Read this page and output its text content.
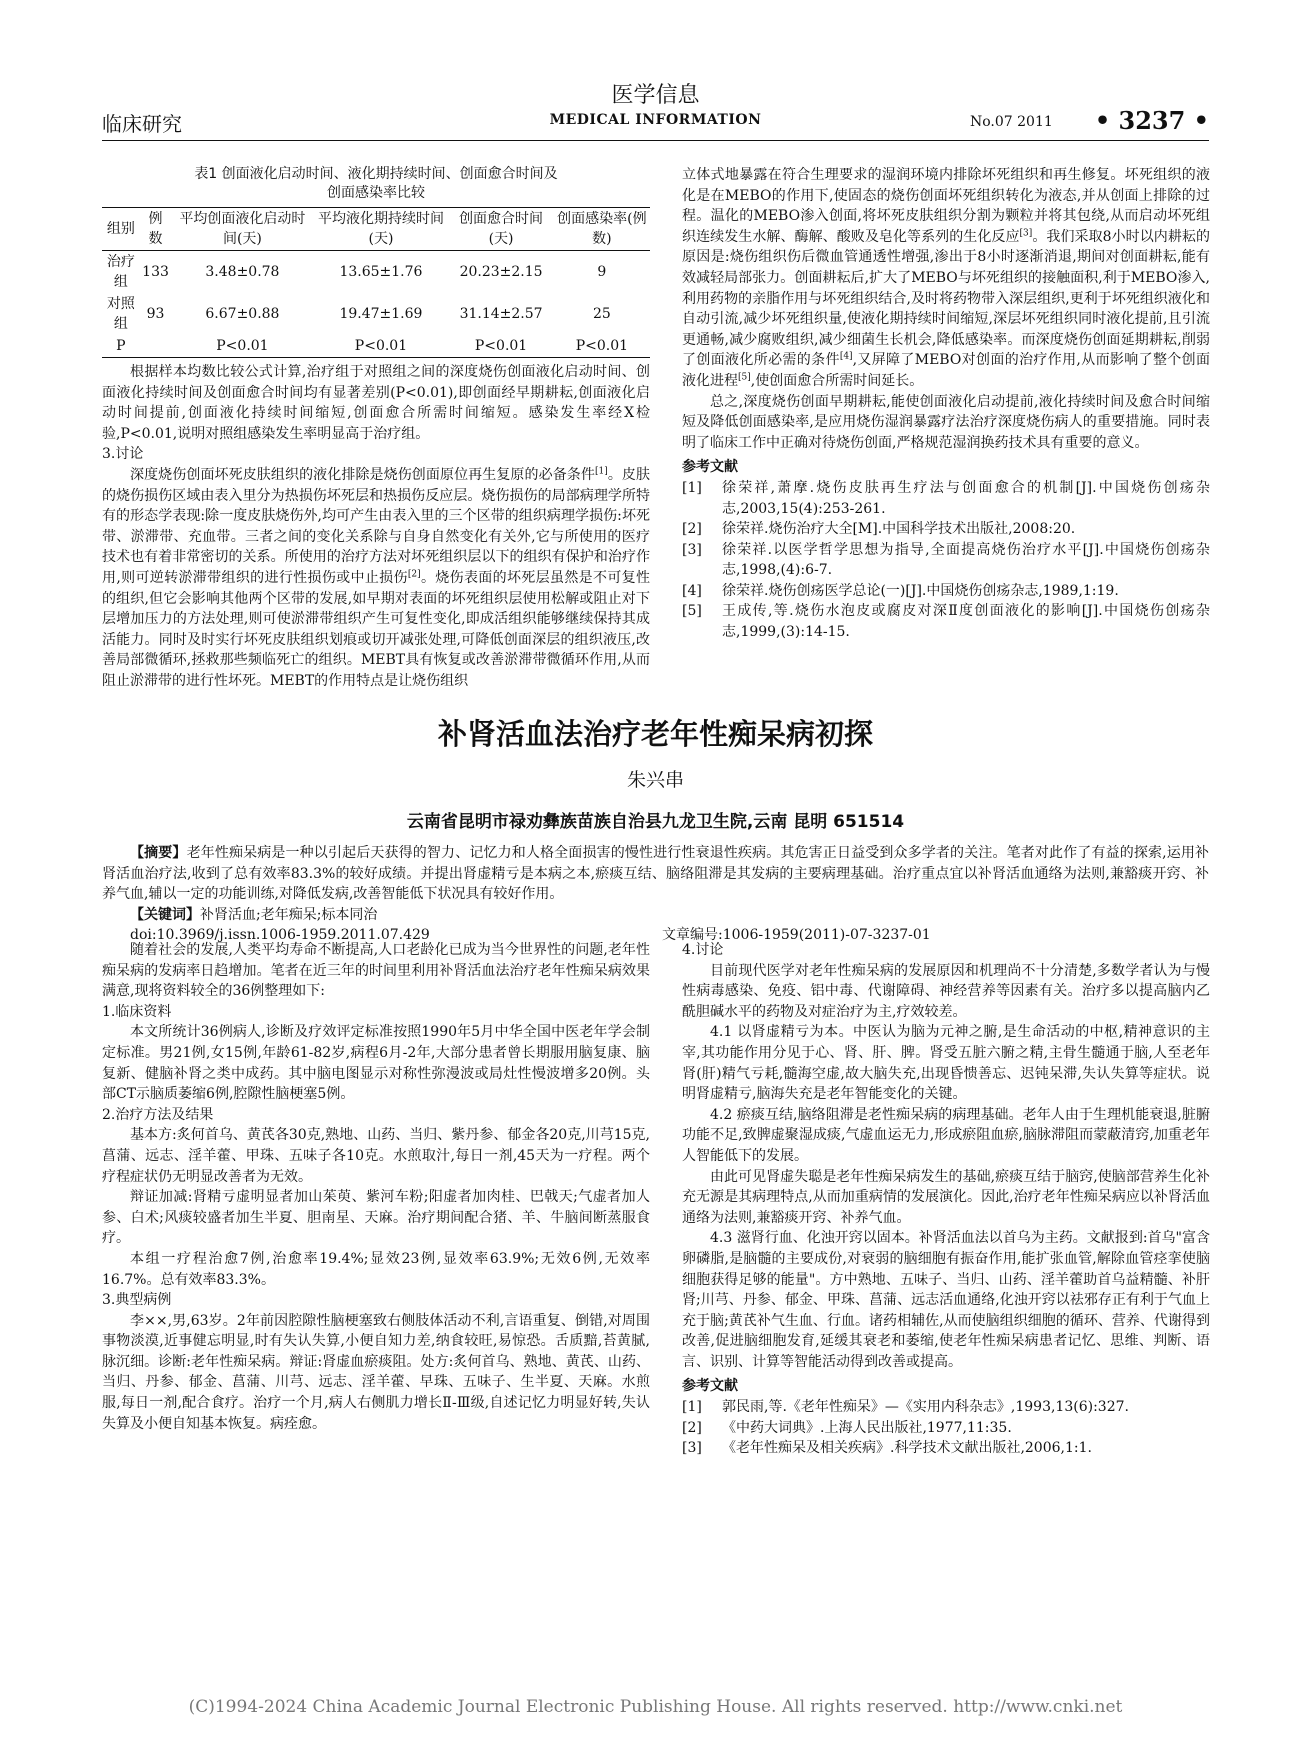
医学信息
MEDICAL INFORMATION
临床研究	No.07 2011 • 3237 •
表1 创面液化启动时间、液化期持续时间、创面愈合时间及
创面感染率比较
组别	例数	平均创面液化启动时间(天)	平均液化期持续时间(天)	创面愈合时间(天)	创面感染率(例数)
治疗组	133	3.48±0.78	13.65±1.76	20.23±2.15	9
对照组	93	6.67±0.88	19.47±1.69	31.14±2.57	25
P		P<0.01	P<0.01	P<0.01	P<0.01

根据样本均数比较公式计算,治疗组于对照组之间的深度烧伤创面液化启动时间、创面液化持续时间及创面愈合时间均有显著差别(P<0.01),即创面经早期耕耘,创面液化启动时间提前,创面液化持续时间缩短,创面愈合所需时间缩短。感染发生率经X检验,P<0.01,说明对照组感染发生率明显高于治疗组。

3.讨论

深度烧伤创面坏死皮肤组织的液化排除是烧伤创面原位再生复原的必备条件[1]。皮肤的烧伤损伤区域由表入里分为热损伤坏死层和热损伤反应层。烧伤损伤的局部病理学所特有的形态学表现:除一度皮肤烧伤外,均可产生由表入里的三个区带的组织病理学损伤:坏死带、淤滞带、充血带。三者之间的变化关系除与自身自然变化有关外,它与所使用的医疗技术也有着非常密切的关系。所使用的治疗方法对坏死组织层以下的组织有保护和治疗作用,则可逆转淤滞带组织的进行性损伤或中止损伤[2]。烧伤表面的坏死层虽然是不可复性的组织,但它会影响其他两个区带的发展,如早期对表面的坏死组织层使用松解或阻止对下层增加压力的方法处理,则可使淤滞带组织产生可复性变化,即成活组织能够继续保持其成活能力。同时及时实行坏死皮肤组织划痕或切开减张处理,可降低创面深层的组织液压,改善局部微循环,拯救那些频临死亡的组织。MEBT具有恢复或改善淤滞带微循环作用,从而阻止淤滞带的进行性坏死。MEBT的作用特点是让烧伤组织

立体式地暴露在符合生理要求的湿润环境内排除坏死组织和再生修复。坏死组织的液化是在MEBO的作用下,使固态的烧伤创面坏死组织转化为液态,并从创面上排除的过程。温化的MEBO渗入创面,将坏死皮肤组织分割为颗粒并将其包绕,从而启动坏死组织连续发生水解、酶解、酸败及皂化等系列的生化反应[3]。我们采取8小时以内耕耘的原因是:烧伤组织伤后微血管通透性增强,渗出于8小时逐渐消退,期间对创面耕耘,能有效减轻局部张力。创面耕耘后,扩大了MEBO与坏死组织的接触面积,利于MEBO渗入,利用药物的亲脂作用与坏死组织结合,及时将药物带入深层组织,更利于坏死组织液化和自动引流,减少坏死组织量,使液化期持续时间缩短,深层坏死组织同时液化提前,且引流更通畅,减少腐败组织,减少细菌生长机会,降低感染率。而深度烧伤创面延期耕耘,削弱了创面液化所必需的条件[4],又屏障了MEBO对创面的治疗作用,从而影响了整个创面液化进程[5],使创面愈合所需时间延长。

总之,深度烧伤创面早期耕耘,能使创面液化启动提前,液化持续时间及愈合时间缩短及降低创面感染率,是应用烧伤湿润暴露疗法治疗深度烧伤病人的重要措施。同时表明了临床工作中正确对待烧伤创面,严格规范湿润换药技术具有重要的意义。

参考文献

[1] 徐荣祥,萧摩.烧伤皮肤再生疗法与创面愈合的机制[J].中国烧伤创疡杂志,2003,15(4):253-261.
[2] 徐荣祥.烧伤治疗大全[M].中国科学技术出版社,2008:20.
[3] 徐荣祥.以医学哲学思想为指导,全面提高烧伤治疗水平[J].中国烧伤创疡杂志,1998,(4):6-7.
[4] 徐荣祥.烧伤创疡医学总论(一)[J].中国烧伤创疡杂志,1989,1:19.
[5] 王成传,等.烧伤水泡皮或腐皮对深Ⅱ度创面液化的影响[J].中国烧伤创疡杂志,1999,(3):14-15.
补肾活血法治疗老年性痴呆病初探
朱兴串
云南省昆明市禄劝彝族苗族自治县九龙卫生院,云南 昆明 651514

【摘要】老年性痴呆病是一种以引起后天获得的智力、记忆力和人格全面损害的慢性进行性衰退性疾病。其危害正日益受到众多学者的关注。笔者对此作了有益的探索,运用补肾活血治疗法,收到了总有效率83.3%的较好成绩。并提出肾虚精亏是本病之本,瘀痰互结、脑络阻滞是其发病的主要病理基础。治疗重点宜以补肾活血通络为法则,兼豁痰开窍、补养气血,辅以一定的功能训练,对降低发病,改善智能低下状况具有较好作用。

【关键词】补肾活血;老年痴呆;标本同治

doi:10.3969/j.issn.1006-1959.2011.07.429	文章编号:1006-1959(2011)-07-3237-01

随着社会的发展,人类平均寿命不断提高,人口老龄化已成为当今世界性的问题,老年性痴呆病的发病率日趋增加。笔者在近三年的时间里利用补肾活血法治疗老年性痴呆病效果满意,现将资料较全的36例整理如下:

1.临床资料

本文所统计36例病人,诊断及疗效评定标准按照1990年5月中华全国中医老年学会制定标准。男21例,女15例,年龄61-82岁,病程6月-2年,大部分患者曾长期服用脑复康、脑复新、健脑补肾之类中成药。其中脑电图显示对称性弥漫波或局灶性慢波增多20例。头部CT示脑质萎缩6例,腔隙性脑梗塞5例。

2.治疗方法及结果

基本方:炙何首乌、黄芪各30克,熟地、山药、当归、紫丹参、郁金各20克,川芎15克,菖蒲、远志、淫羊藿、甲珠、五味子各10克。水煎取汁,每日一剂,45天为一疗程。两个疗程症状仍无明显改善者为无效。

辩证加减:肾精亏虚明显者加山茱萸、紫河车粉;阳虚者加肉桂、巴戟天;气虚者加人参、白术;风痰较盛者加生半夏、胆南星、天麻。治疗期间配合猪、羊、牛脑间断蒸服食疗。

本组一疗程治愈7例,治愈率19.4%;显效23例,显效率63.9%;无效6例,无效率16.7%。总有效率83.3%。

3.典型病例

李××,男,63岁。2年前因腔隙性脑梗塞致右侧肢体活动不利,言语重复、倒错,对周围事物淡漠,近事健忘明显,时有失认失算,小便自知力差,纳食较旺,易惊恐。舌质黯,苔黄腻,脉沉细。诊断:老年性痴呆病。辩证:肾虚血瘀痰阻。处方:炙何首乌、熟地、黄芪、山药、当归、丹参、郁金、菖蒲、川芎、远志、淫羊藿、早珠、五味子、生半夏、天麻。水煎服,每日一剂,配合食疗。治疗一个月,病人右侧肌力增长Ⅱ-Ⅲ级,自述记忆力明显好转,失认失算及小便自知基本恢复。病痊愈。

4.讨论

目前现代医学对老年性痴呆病的发展原因和机理尚不十分清楚,多数学者认为与慢性病毒感染、免疫、铝中毒、代谢障碍、神经营养等因素有关。治疗多以提高脑内乙酰胆碱水平的药物及对症治疗为主,疗效较差。

4.1 以肾虚精亏为本。中医认为脑为元神之腑,是生命活动的中枢,精神意识的主宰,其功能作用分见于心、肾、肝、脾。肾受五脏六腑之精,主骨生髓通于脑,人至老年肾(肝)精气亏耗,髓海空虚,故大脑失充,出现昏愦善忘、迟钝呆滞,失认失算等症状。说明肾虚精亏,脑海失充是老年智能变化的关键。

4.2 瘀痰互结,脑络阻滞是老性痴呆病的病理基础。老年人由于生理机能衰退,脏腑功能不足,致脾虚聚湿成痰,气虚血运无力,形成瘀阻血瘀,脑脉滞阻而蒙蔽清窍,加重老年人智能低下的发展。

由此可见肾虚失聪是老年性痴呆病发生的基础,瘀痰互结于脑窍,使脑部营养生化补充无源是其病理特点,从而加重病情的发展演化。因此,治疗老年性痴呆病应以补肾活血通络为法则,兼豁痰开窍、补养气血。

4.3 滋肾行血、化浊开窍以固本。补肾活血法以首乌为主药。文献报到:首乌"富含卵磷脂,是脑髓的主要成份,对衰弱的脑细胞有振奋作用,能扩张血管,解除血管痉挛使脑细胞获得足够的能量"。方中熟地、五味子、当归、山药、淫羊藿助首乌益精髓、补肝肾;川芎、丹参、郁金、甲珠、菖蒲、远志活血通络,化浊开窍以祛邪存正有利于气血上充于脑;黄芪补气生血、行血。诸药相辅佐,从而使脑组织细胞的循环、营养、代谢得到改善,促进脑细胞发育,延缓其衰老和萎缩,使老年性痴呆病患者记忆、思维、判断、语言、识别、计算等智能活动得到改善或提高。

参考文献

[1] 郭民雨,等.《老年性痴呆》—《实用内科杂志》,1993,13(6):327.
[2] 《中药大词典》.上海人民出版社,1977,11:35.
[3] 《老年性痴呆及相关疾病》.科学技术文献出版社,2006,1:1.
(C)1994-2024 China Academic Journal Electronic Publishing House. All rights reserved. http://www.cnki.net
